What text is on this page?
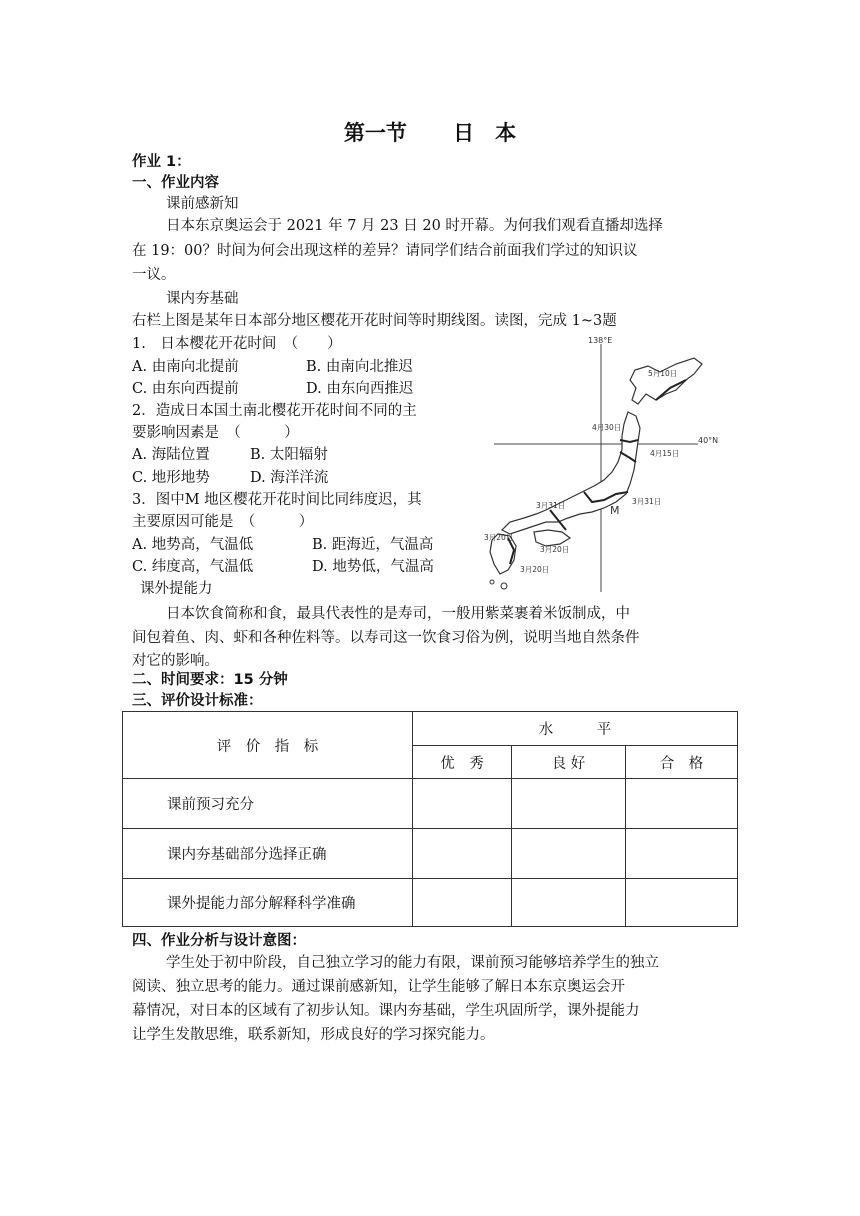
第一节　 日　本
作业 1：
一、作业内容
课前感新知
日本东京奥运会于 2021 年 7 月 23 日 20 时开幕。为何我们观看直播却选择
在 19：00？时间为何会出现这样的差异？请同学们结合前面我们学过的知识议
一议。
课内夯基础
右栏上图是某年日本部分地区樱花开花时间等时期线图。读图，完成 1~3题
1.　日本樱花开花时间　（　　）
A. 由南向北提前	B. 由南向北推迟
C. 由东向西提前	D. 由东向西推迟
2．造成日本国土南北樱花开花时间不同的主
要影响因素是　（　　　）
A. 海陆位置	B. 太阳辐射
C. 地形地势	D. 海洋洋流
3．图中M 地区樱花开花时间比同纬度迟，其
主要原因可能是　（　　　）
A. 地势高，气温低	B. 距海近，气温高
C. 纬度高，气温低	D. 地势低，气温高
138°E
40°N
5月10日
4月30日
4月15日
3月31日
3月31日
3月20日
3月20日
3月20日
M
课外提能力
日本饮食简称和食，最具代表性的是寿司，一般用紫菜裹着米饭制成，中
间包着鱼、肉、虾和各种佐料等。以寿司这一饮食习俗为例，说明当地自然条件
对它的影响。
二、时间要求：15 分钟
三、评价设计标准：
评　价　指　标	水　　　平		
	优　秀	良 好	合　格
课前预习充分			
课内夯基础部分选择正确			
课外提能力部分解释科学准确			
四、作业分析与设计意图：
学生处于初中阶段，自己独立学习的能力有限，课前预习能够培养学生的独立
阅读、独立思考的能力。通过课前感新知，让学生能够了解日本东京奥运会开
幕情况，对日本的区域有了初步认知。课内夯基础，学生巩固所学，课外提能力
让学生发散思维，联系新知，形成良好的学习探究能力。
